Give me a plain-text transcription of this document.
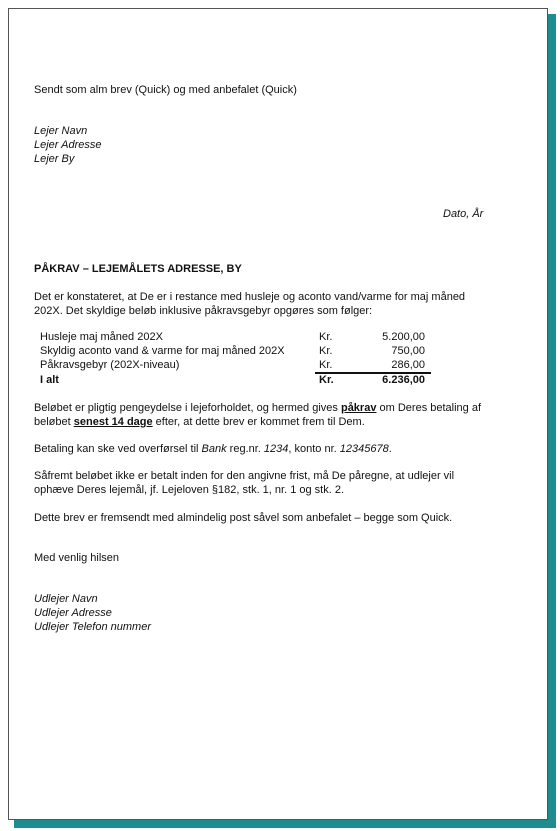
Sendt som alm brev (Quick) og med anbefalet (Quick)
Lejer Navn
Lejer Adresse
Lejer By
Dato, År
PÅKRAV – LEJEMÅLETS ADRESSE, BY
Det er konstateret, at De er i restance med husleje og aconto vand/varme for maj måned
202X. Det skyldige beløb inklusive påkravsgebyr opgøres som følger:
Husleje maj måned 202X	Kr.	5.200,00
Skyldig aconto vand & varme for maj måned 202X	Kr.	750,00
Påkravsgebyr (202X-niveau)	Kr.	286,00
I alt	Kr.	6.236,00
Beløbet er pligtig pengeydelse i lejeforholdet, og hermed gives påkrav om Deres betaling af
beløbet senest 14 dage efter, at dette brev er kommet frem til Dem.
Betaling kan ske ved overførsel til Bank reg.nr. 1234, konto nr. 12345678.
Såfremt beløbet ikke er betalt inden for den angivne frist, må De påregne, at udlejer vil
ophæve Deres lejemål, jf. Lejeloven §182, stk. 1, nr. 1 og stk. 2.
Dette brev er fremsendt med almindelig post såvel som anbefalet – begge som Quick.
Med venlig hilsen
Udlejer Navn
Udlejer Adresse
Udlejer Telefon nummer
